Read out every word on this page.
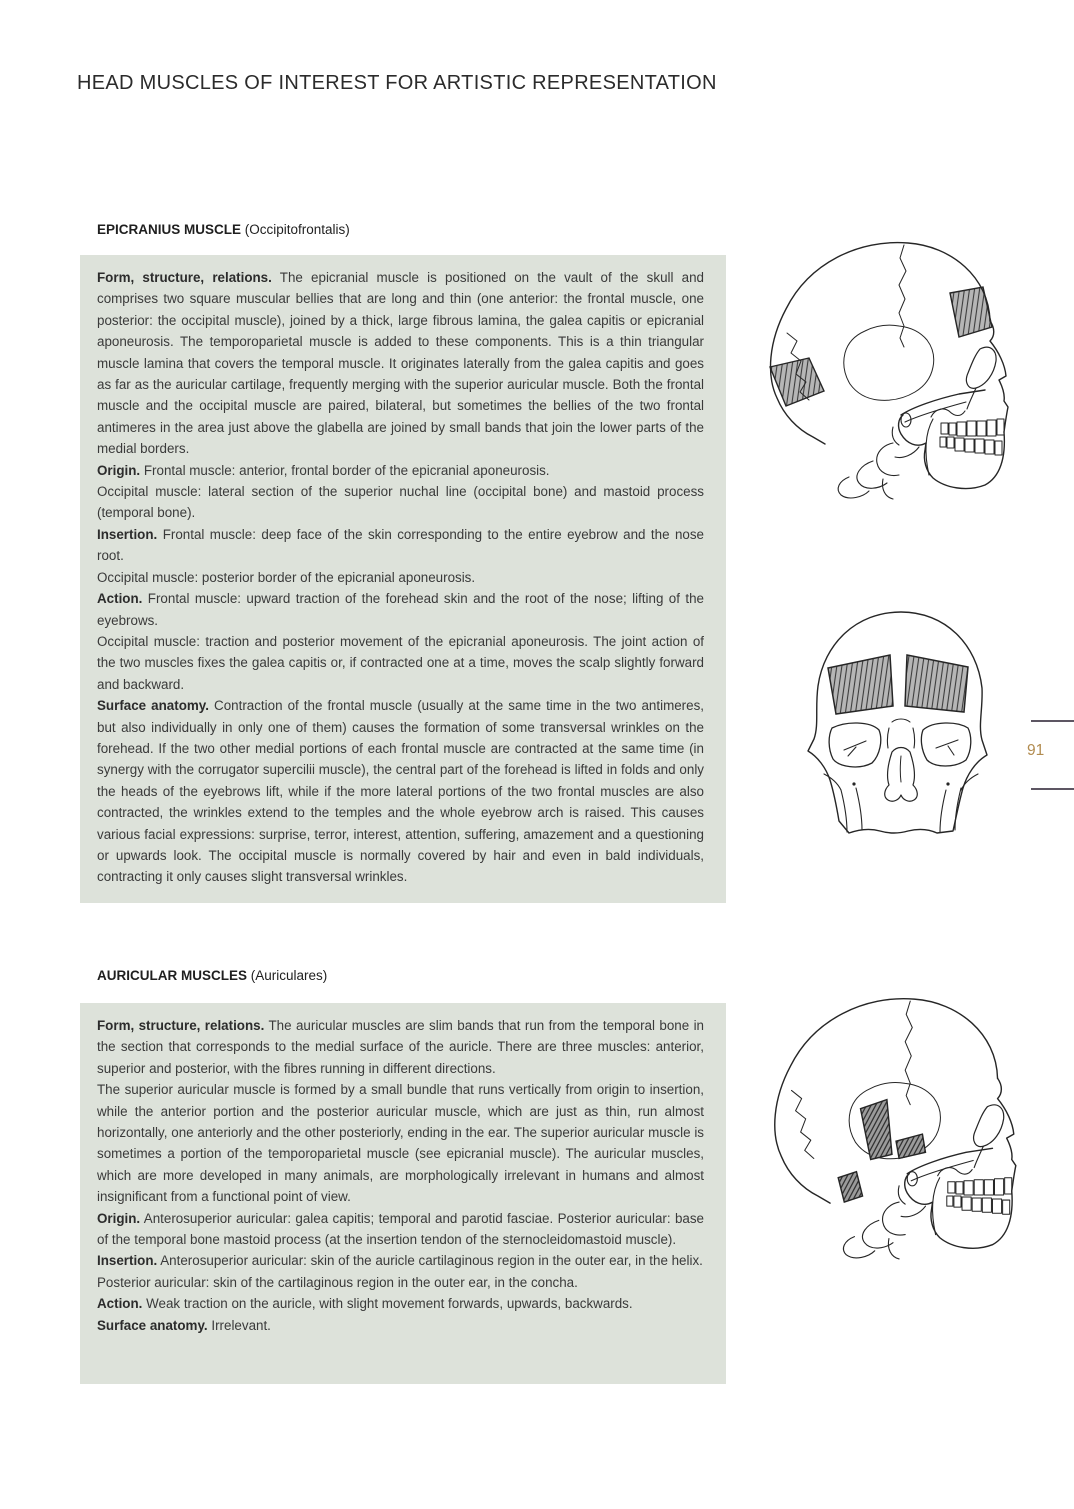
HEAD MUSCLES OF INTEREST FOR ARTISTIC REPRESENTATION
EPICRANIUS MUSCLE (Occipitofrontalis)

Form, structure, relations. The epicranial muscle is positioned on the vault of the skull and comprises two square muscular bellies that are long and thin (one anterior: the frontal muscle, one posterior: the occipital muscle), joined by a thick, large fibrous lamina, the galea capitis or epicranial aponeurosis. The temporoparietal muscle is added to these components. This is a thin triangular muscle lamina that covers the temporal muscle. It originates laterally from the galea capitis and goes as far as the auricular cartilage, frequently merging with the superior auricular muscle. Both the frontal muscle and the occipital muscle are paired, bilateral, but sometimes the bellies of the two frontal antimeres in the area just above the glabella are joined by small bands that join the lower parts of the medial borders.

Origin. Frontal muscle: anterior, frontal border of the epicranial aponeurosis.

Occipital muscle: lateral section of the superior nuchal line (occipital bone) and mastoid process (temporal bone).

Insertion. Frontal muscle: deep face of the skin corresponding to the entire eyebrow and the nose root.

Occipital muscle: posterior border of the epicranial aponeurosis.

Action. Frontal muscle: upward traction of the forehead skin and the root of the nose; lifting of the eyebrows.

Occipital muscle: traction and posterior movement of the epicranial aponeurosis. The joint action of the two muscles fixes the galea capitis or, if contracted one at a time, moves the scalp slightly forward and backward.

Surface anatomy. Contraction of the frontal muscle (usually at the same time in the two antimeres, but also individually in only one of them) causes the formation of some transversal wrinkles on the forehead. If the two other medial portions of each frontal muscle are contracted at the same time (in synergy with the corrugator supercilii muscle), the central part of the forehead is lifted in folds and only the heads of the eyebrows lift, while if the more lateral portions of the two frontal muscles are also contracted, the wrinkles extend to the temples and the whole eyebrow arch is raised. This causes various facial expressions: surprise, terror, interest, attention, suffering, amazement and a questioning or upwards look. The occipital muscle is normally covered by hair and even in bald individuals, contracting it only causes slight transversal wrinkles.

AURICULAR MUSCLES (Auriculares)

Form, structure, relations. The auricular muscles are slim bands that run from the temporal bone in the section that corresponds to the medial surface of the auricle. There are three muscles: anterior, superior and posterior, with the fibres running in different directions.

The superior auricular muscle is formed by a small bundle that runs vertically from origin to insertion, while the anterior portion and the posterior auricular muscle, which are just as thin, run almost horizontally, one anteriorly and the other posteriorly, ending in the ear. The superior auricular muscle is sometimes a portion of the temporoparietal muscle (see epicranial muscle). The auricular muscles, which are more developed in many animals, are morphologically irrelevant in humans and almost insignificant from a functional point of view.

Origin. Anterosuperior auricular: galea capitis; temporal and parotid fasciae. Posterior auricular: base of the temporal bone mastoid process (at the insertion tendon of the sternocleidomastoid muscle).

Insertion. Anterosuperior auricular: skin of the auricle cartilaginous region in the outer ear, in the helix.

Posterior auricular: skin of the cartilaginous region in the outer ear, in the concha.

Action. Weak traction on the auricle, with slight movement forwards, upwards, backwards.

Surface anatomy. Irrelevant.

91
